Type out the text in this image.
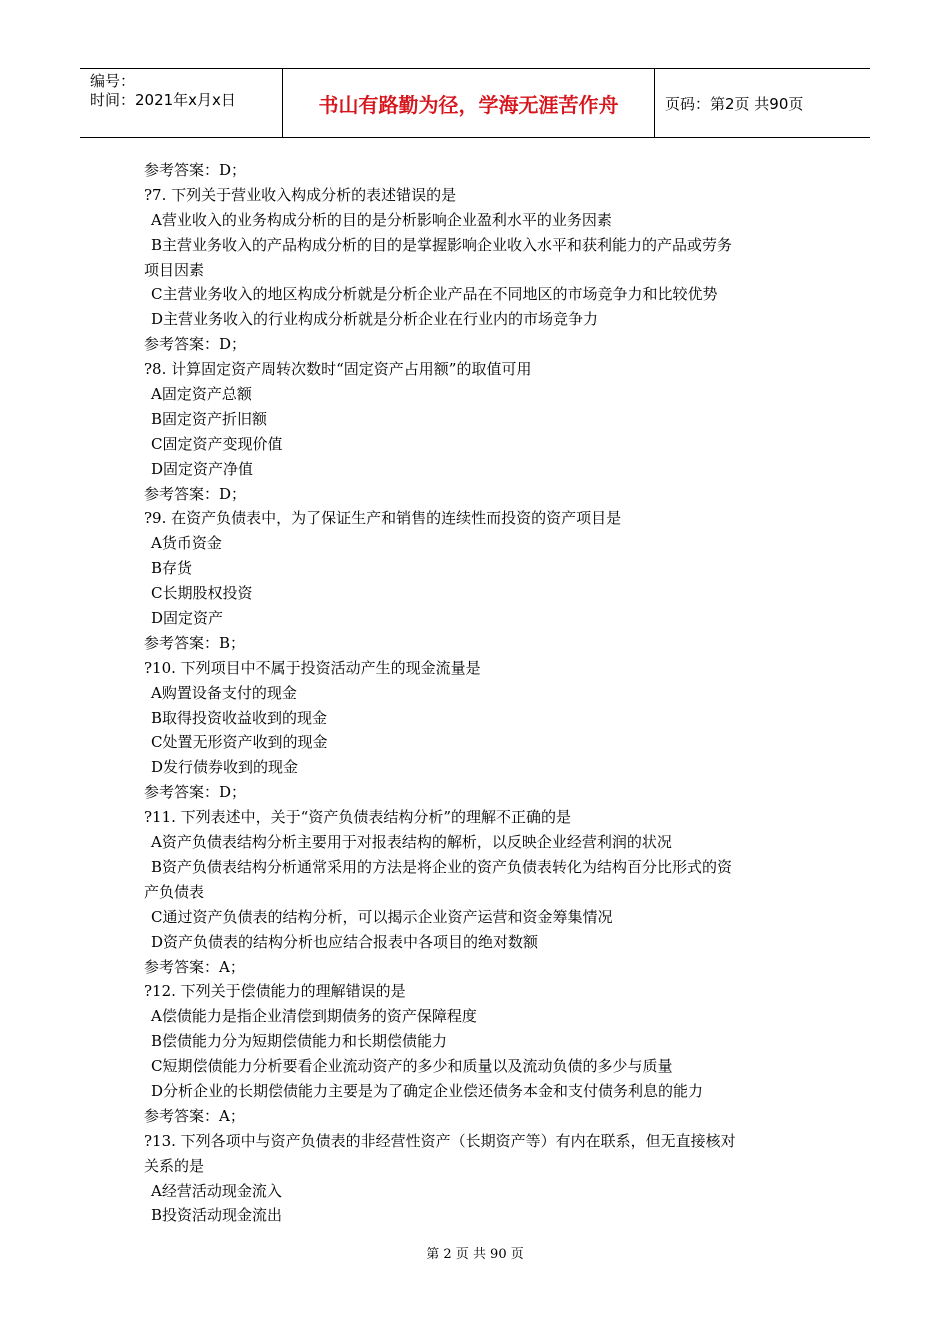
编号：
时间：2021年x月x日	书山有路勤为径，学海无涯苦作舟	页码：第2页 共90页
参考答案：D；
?7. 下列关于营业收入构成分析的表述错误的是
A营业收入的业务构成分析的目的是分析影响企业盈利水平的业务因素
B主营业务收入的产品构成分析的目的是掌握影响企业收入水平和获利能力的产品或劳务
项目因素
C主营业务收入的地区构成分析就是分析企业产品在不同地区的市场竞争力和比较优势
D主营业务收入的行业构成分析就是分析企业在行业内的市场竞争力
参考答案：D；
?8. 计算固定资产周转次数时“固定资产占用额”的取值可用
A固定资产总额
B固定资产折旧额
C固定资产变现价值
D固定资产净值
参考答案：D；
?9. 在资产负债表中，为了保证生产和销售的连续性而投资的资产项目是
A货币资金
B存货
C长期股权投资
D固定资产
参考答案：B；
?10. 下列项目中不属于投资活动产生的现金流量是
A购置设备支付的现金
B取得投资收益收到的现金
C处置无形资产收到的现金
D发行债券收到的现金
参考答案：D；
?11. 下列表述中，关于“资产负债表结构分析”的理解不正确的是
A资产负债表结构分析主要用于对报表结构的解析，以反映企业经营利润的状况
B资产负债表结构分析通常采用的方法是将企业的资产负债表转化为结构百分比形式的资
产负债表
C通过资产负债表的结构分析，可以揭示企业资产运营和资金筹集情况
D资产负债表的结构分析也应结合报表中各项目的绝对数额
参考答案：A；
?12. 下列关于偿债能力的理解错误的是
A偿债能力是指企业清偿到期债务的资产保障程度
B偿债能力分为短期偿债能力和长期偿债能力
C短期偿债能力分析要看企业流动资产的多少和质量以及流动负债的多少与质量
D分析企业的长期偿债能力主要是为了确定企业偿还债务本金和支付债务利息的能力
参考答案：A；
?13. 下列各项中与资产负债表的非经营性资产（长期资产等）有内在联系，但无直接核对
关系的是
A经营活动现金流入
B投资活动现金流出
第 2 页 共 90 页
